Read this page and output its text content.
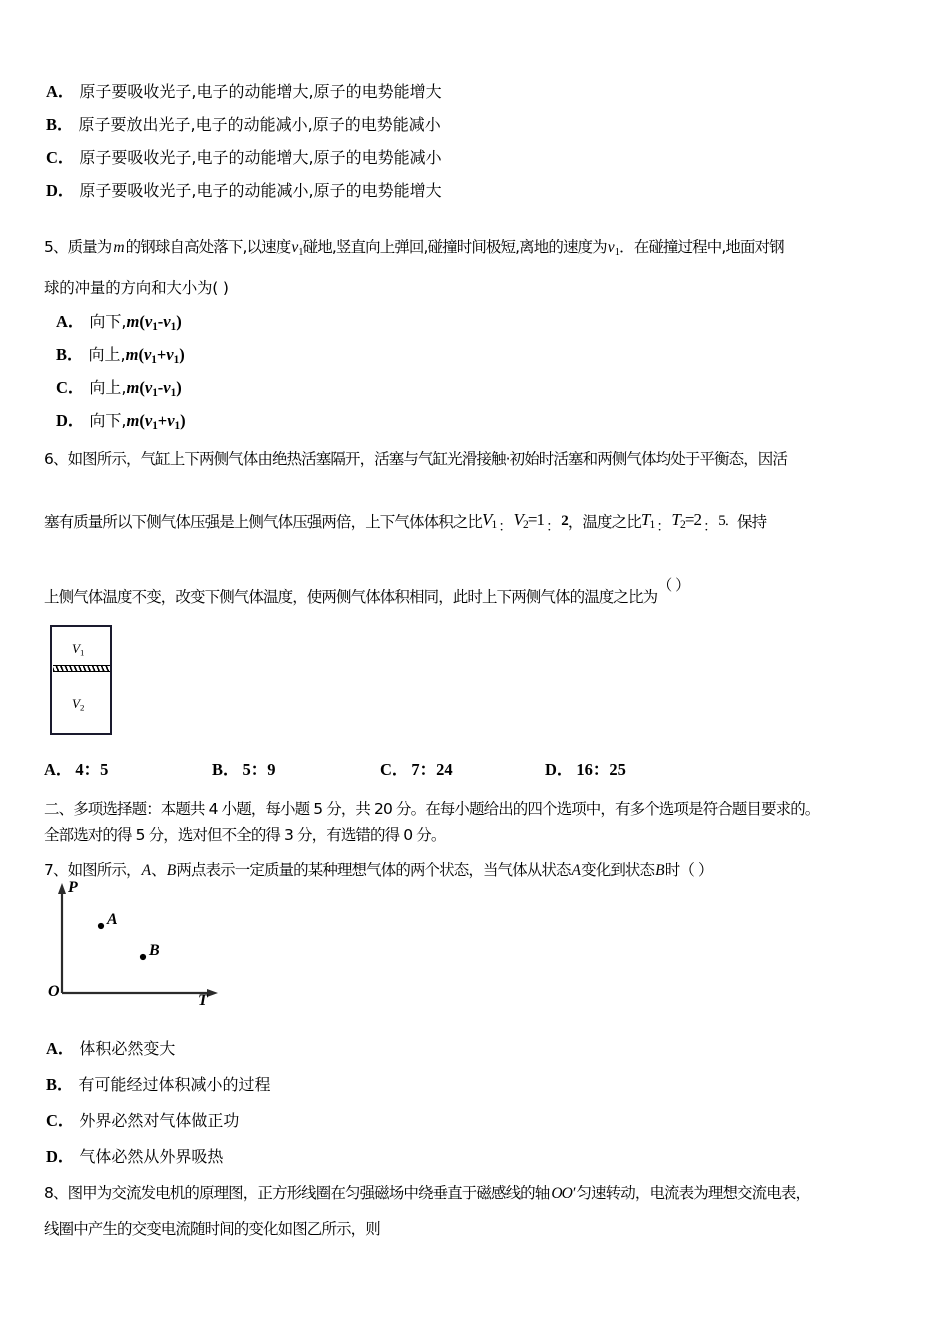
A． 原子要吸收光子,电子的动能增大,原子的电势能增大
B． 原子要放出光子,电子的动能减小,原子的电势能减小
C． 原子要吸收光子,电子的动能增大,原子的电势能减小
D． 原子要吸收光子,电子的动能减小,原子的电势能增大
5、质量为 m 的钢球自高处落下,以速度$v_1$碰地,竖直向上弹回,碰撞时间极短,离地的速度为$v_1$．在碰撞过程中,地面对钢
球的冲量的方向和大小为( )
A． 向下$,m(v_1-v_1)$
B． 向上$,m(v_1+v_1)$
C． 向上$,m(v_1-v_1)$
D． 向下$,m(v_1+v_1)$
6、如图所示，气缸上下两侧气体由绝热活塞隔开，活塞与气缸光滑接触·初始时活塞和两侧气体均处于平衡态，因活
塞有质量所以下侧气体压强是上侧气体压强两倍，上下气体体积之比$V_1$ $_:$ $V_2=1$ $_:$ 2，温度之比$T_1$ $_:$ $T_2=2$ $_:$ 5．保持
上侧气体温度不变，改变下侧气体温度，使两侧气体体积相同，此时上下两侧气体的温度之比为（ ）
$V_1$
$V_2$
A． 4：5	B． 5：9	C． 7：24	D． 16：25
二、多项选择题：本题共 4 小题，每小题 5 分，共 20 分。在每小题给出的四个选项中，有多个选项是符合题目要求的。
全部选对的得 5 分，选对但不全的得 3 分，有选错的得 0 分。
7、如图所示，A、B两点表示一定质量的某种理想气体的两个状态，当气体从状态A变化到状态B时（ ）
P
T
O
A
B
A． 体积必然变大
B． 有可能经过体积减小的过程
C． 外界必然对气体做正功
D． 气体必然从外界吸热
8、图甲为交流发电机的原理图，正方形线圈在匀强磁场中绕垂直于磁感线的轴 OO′ 匀速转动，电流表为理想交流电表，
线圈中产生的交变电流随时间的变化如图乙所示，则
